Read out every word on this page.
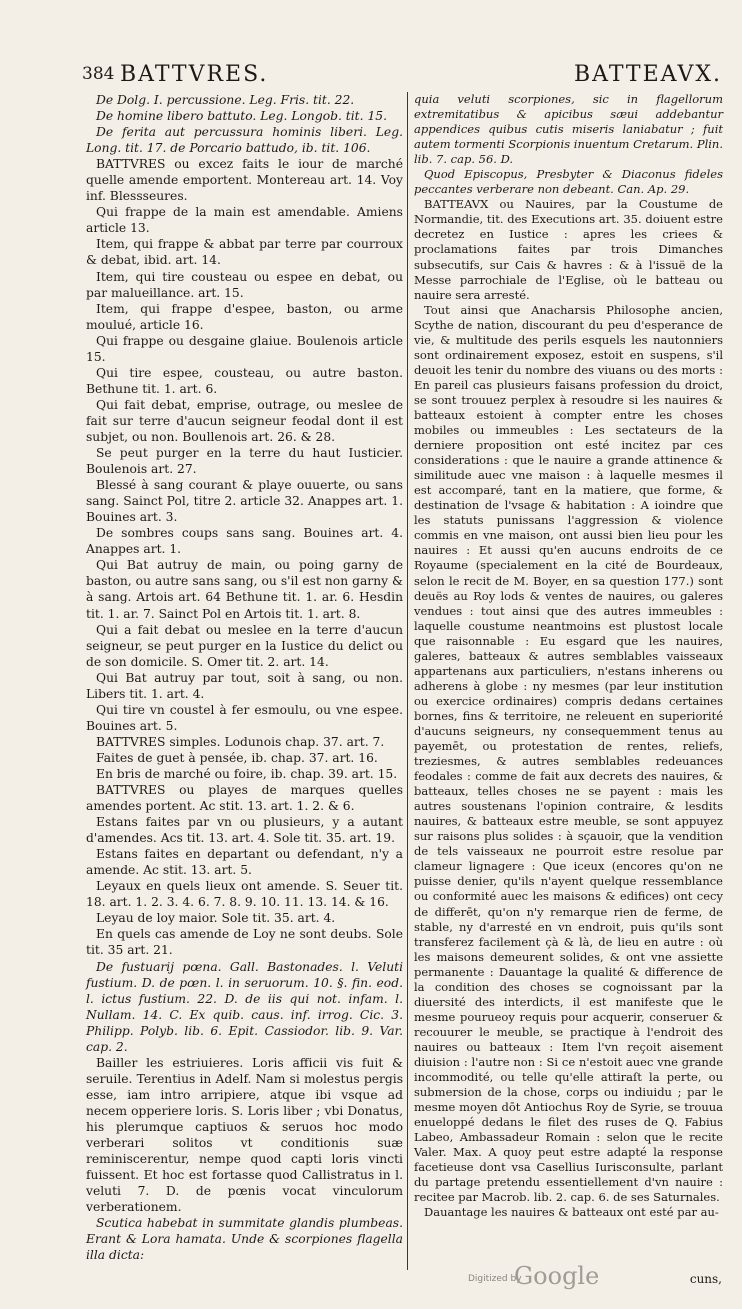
384 BATTVRES.	BATTEAVX.

De Dolg. I. percussione. Leg. Fris. tit. 22.

De homine libero battuto. Leg. Longob. tit. 15.

De ferita aut percussura hominis liberi. Leg. Long. tit. 17. de Porcario battudo, ib. tit. 106.

BATTVRES ou excez faits le iour de marché quelle amende emportent. Montereau art. 14. Voy inf. Blessseures.

Qui frappe de la main est amendable. Amiens article 13.

Item, qui frappe & abbat par terre par courroux & debat, ibid. art. 14.

Item, qui tire cousteau ou espee en debat, ou par malueillance. art. 15.

Item, qui frappe d'espee, baston, ou arme moulué, article 16.

Qui frappe ou desgaine glaiue. Boulenois article 15.

Qui tire espee, cousteau, ou autre baston. Bethune tit. 1. art. 6.

Qui fait debat, emprise, outrage, ou meslee de fait sur terre d'aucun seigneur feodal dont il est subjet, ou non. Boullenois art. 26. & 28.

Se peut purger en la terre du haut Iusticier. Boulenois art. 27.

Blessé à sang courant & playe ouuerte, ou sans sang. Sainct Pol, titre 2. article 32. Anappes art. 1. Bouines art. 3.

De sombres coups sans sang. Bouines art. 4. Anappes art. 1.

Qui Bat autruy de main, ou poing garny de baston, ou autre sans sang, ou s'il est non garny & à sang. Artois art. 64 Bethune tit. 1. ar. 6. Hesdin tit. 1. ar. 7. Sainct Pol en Artois tit. 1. art. 8.

Qui a fait debat ou meslee en la terre d'aucun seigneur, se peut purger en la Iustice du delict ou de son domicile. S. Omer tit. 2. art. 14.

Qui Bat autruy par tout, soit à sang, ou non. Libers tit. 1. art. 4.

Qui tire vn coustel à fer esmoulu, ou vne espee. Bouines art. 5.

BATTVRES simples. Lodunois chap. 37. art. 7.

Faites de guet à pensée, ib. chap. 37. art. 16.

En bris de marché ou foire, ib. chap. 39. art. 15.

BATTVRES ou playes de marques quelles amendes portent. Ac stit. 13. art. 1. 2. & 6.

Estans faites par vn ou plusieurs, y a autant d'amendes. Acs tit. 13. art. 4. Sole tit. 35. art. 19.

Estans faites en departant ou defendant, n'y a amende. Ac stit. 13. art. 5.

Leyaux en quels lieux ont amende. S. Seuer tit. 18. art. 1. 2. 3. 4. 6. 7. 8. 9. 10. 11. 13. 14. & 16.

Leyau de loy maior. Sole tit. 35. art. 4.

En quels cas amende de Loy ne sont deubs. Sole tit. 35 art. 21.

De fustuarij pœna. Gall. Bastonades. l. Veluti fustium. D. de pœn. l. in seruorum. 10. §. fin. eod. l. ictus fustium. 22. D. de iis qui not. infam. l. Nullam. 14. C. Ex quib. caus. inf. irrog. Cic. 3. Philipp. Polyb. lib. 6. Epit. Cassiodor. lib. 9. Var. cap. 2.

Bailler les estriuieres. Loris afficii vis fuit & seruile. Terentius in Adelf. Nam si molestus pergis esse, iam intro arripiere, atque ibi vsque ad necem opperiere loris. S. Loris liber ; vbi Donatus, his plerumque captiuos & seruos hoc modo verberari solitos vt conditionis suæ reminiscerentur, nempe quod capti loris vincti fuissent. Et hoc est fortasse quod Callistratus in l. veluti 7. D. de pœnis vocat vinculorum verberationem.

Scutica habebat in summitate glandis plumbeas. Erant & Lora hamata. Unde & scorpiones flagella illa dicta:

quia veluti scorpiones, sic in flagellorum extremitatibus & apicibus sæui addebantur appendices quibus cutis miseris laniabatur ; fuit autem tormenti Scorpionis inuentum Cretarum. Plin. lib. 7. cap. 56. D.

Quod Episcopus, Presbyter & Diaconus fideles peccantes verberare non debeant. Can. Ap. 29.

BATTEAVX ou Nauires, par la Coustume de Normandie, tit. des Executions art. 35. doiuent estre decretez en Iustice : apres les criees & proclamations faites par trois Dimanches subsecutifs, sur Cais & havres : & à l'issuë de la Messe parrochiale de l'Eglise, où le batteau ou nauire sera arresté.

Tout ainsi que Anacharsis Philosophe ancien, Scythe de nation, discourant du peu d'esperance de vie, & multitude des perils esquels les nautonniers sont ordinairement exposez, estoit en suspens, s'il deuoit les tenir du nombre des viuans ou des morts : En pareil cas plusieurs faisans profession du droict, se sont trouuez perplex à resoudre si les nauires & batteaux estoient à compter entre les choses mobiles ou immeubles : Les sectateurs de la derniere proposition ont esté incitez par ces considerations : que le nauire a grande attinence & similitude auec vne maison : à laquelle mesmes il est accomparé, tant en la matiere, que forme, & destination de l'vsage & habitation : A ioindre que les statuts punissans l'aggression & violence commis en vne maison, ont aussi bien lieu pour les nauires : Et aussi qu'en aucuns endroits de ce Royaume (specialement en la cité de Bourdeaux, selon le recit de M. Boyer, en sa question 177.) sont deuës au Roy lods & ventes de nauires, ou galeres vendues : tout ainsi que des autres immeubles : laquelle coustume neantmoins est plustost locale que raisonnable : Eu esgard que les nauires, galeres, batteaux & autres semblables vaisseaux appartenans aux particuliers, n'estans inherens ou adherens à globe : ny mesmes (par leur institution ou exercice ordinaires) compris dedans certaines bornes, fins & territoire, ne releuent en superiorité d'aucuns seigneurs, ny consequemment tenus au payemēt, ou protestation de rentes, reliefs, treziesmes, & autres semblables redeuances feodales : comme de fait aux decrets des nauires, & batteaux, telles choses ne se payent : mais les autres soustenans l'opinion contraire, & lesdits nauires, & batteaux estre meuble, se sont appuyez sur raisons plus solides : à sçauoir, que la vendition de tels vaisseaux ne pourroit estre resolue par clameur lignagere : Que iceux (encores qu'on ne puisse denier, qu'ils n'ayent quelque ressemblance ou conformité auec les maisons & edifices) ont cecy de differēt, qu'on n'y remarque rien de ferme, de stable, ny d'arresté en vn endroit, puis qu'ils sont transferez facilement çà & là, de lieu en autre : où les maisons demeurent solides, & ont vne assiette permanente : Dauantage la qualité & difference de la condition des choses se cognoissant par la diuersité des interdicts, il est manifeste que le mesme pourueoy requis pour acquerir, conseruer & recouurer le meuble, se practique à l'endroit des nauires ou batteaux : Item l'vn reçoit aisement diuision : l'autre non : Si ce n'estoit auec vne grande incommodité, ou telle qu'elle attiraſt la perte, ou submersion de la chose, corps ou indiuidu ; par le mesme moyen dōt Antiochus Roy de Syrie, se trouua enueloppé dedans le filet des ruses de Q. Fabius Labeo, Ambassadeur Romain : selon que le recite Valer. Max. A quoy peut estre adapté la response facetieuse dont vsa Casellius Iurisconsulte, parlant du partage pretendu essentiellement d'vn nauire : recitee par Macrob. lib. 2. cap. 6. de ses Saturnales.

Dauantage les nauires & batteaux ont esté par au-

cuns,
Digitized by
Google
